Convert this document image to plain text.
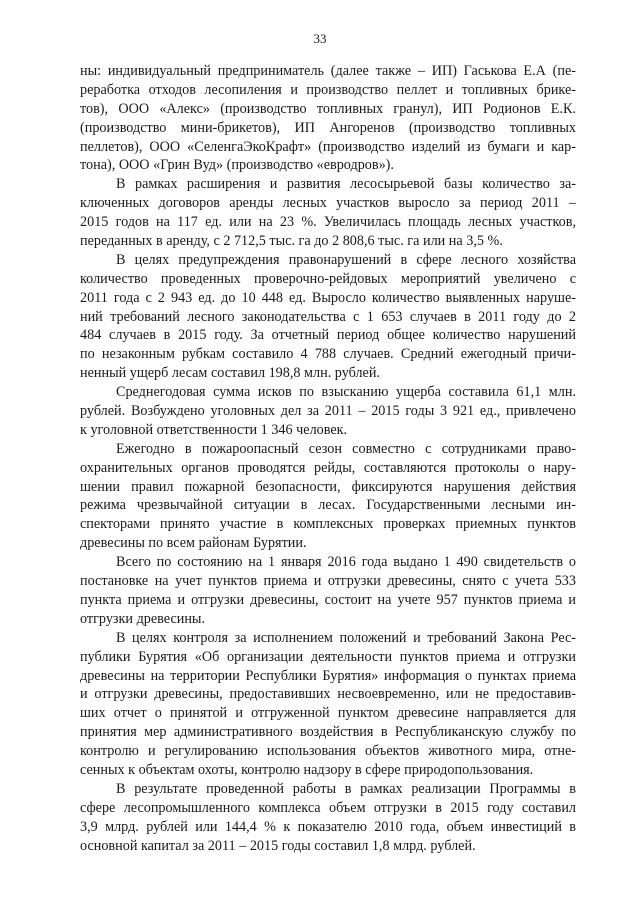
33
ны: индивидуальный предприниматель (далее также – ИП) Гаськова Е.А (пе-
реработка отходов лесопиления и производство пеллет и топливных брике-
тов), ООО «Алекс» (производство топливных гранул), ИП Родионов Е.К.
(производство мини-брикетов), ИП Ангоренов (производство топливных
пеллетов), ООО «СеленгаЭкоКрафт» (производство изделий из бумаги и кар-
тона), ООО «Грин Вуд» (производство «евродров»).
В рамках расширения и развития лесосырьевой базы количество за-
ключенных договоров аренды лесных участков выросло за период 2011 –
2015 годов на 117 ед. или на 23 %. Увеличилась площадь лесных участков,
переданных в аренду, с 2 712,5 тыс. га до 2 808,6 тыс. га или на 3,5 %.
В целях предупреждения правонарушений в сфере лесного хозяйства
количество проведенных проверочно-рейдовых мероприятий увеличено с
2011 года с 2 943 ед. до 10 448 ед. Выросло количество выявленных наруше-
ний требований лесного законодательства с 1 653 случаев в 2011 году до 2
484 случаев в 2015 году. За отчетный период общее количество нарушений
по незаконным рубкам составило 4 788 случаев. Средний ежегодный причи-
ненный ущерб лесам составил 198,8 млн. рублей.
Среднегодовая сумма исков по взысканию ущерба составила 61,1 млн.
рублей. Возбуждено уголовных дел за 2011 – 2015 годы 3 921 ед., привлечено
к уголовной ответственности 1 346 человек.
Ежегодно в пожароопасный сезон совместно с сотрудниками право-
охранительных органов проводятся рейды, составляются протоколы о нару-
шении правил пожарной безопасности, фиксируются нарушения действия
режима чрезвычайной ситуации в лесах. Государственными лесными ин-
спекторами принято участие в комплексных проверках приемных пунктов
древесины по всем районам Бурятии.
Всего по состоянию на 1 января 2016 года выдано 1 490 свидетельств о
постановке на учет пунктов приема и отгрузки древесины, снято с учета 533
пункта приема и отгрузки древесины, состоит на учете 957 пунктов приема и
отгрузки древесины.
В целях контроля за исполнением положений и требований Закона Рес-
публики Бурятия «Об организации деятельности пунктов приема и отгрузки
древесины на территории Республики Бурятия» информация о пунктах приема
и отгрузки древесины, предоставивших несвоевременно, или не предоставив-
ших отчет о принятой и отгруженной пунктом древесине направляется для
принятия мер административного воздействия в Республиканскую службу по
контролю и регулированию использования объектов животного мира, отне-
сенных к объектам охоты, контролю надзору в сфере природопользования.
В результате проведенной работы в рамках реализации Программы в
сфере лесопромышленного комплекса объем отгрузки в 2015 году составил
3,9 млрд. рублей или 144,4 % к показателю 2010 года, объем инвестиций в
основной капитал за 2011 – 2015 годы составил 1,8 млрд. рублей.
